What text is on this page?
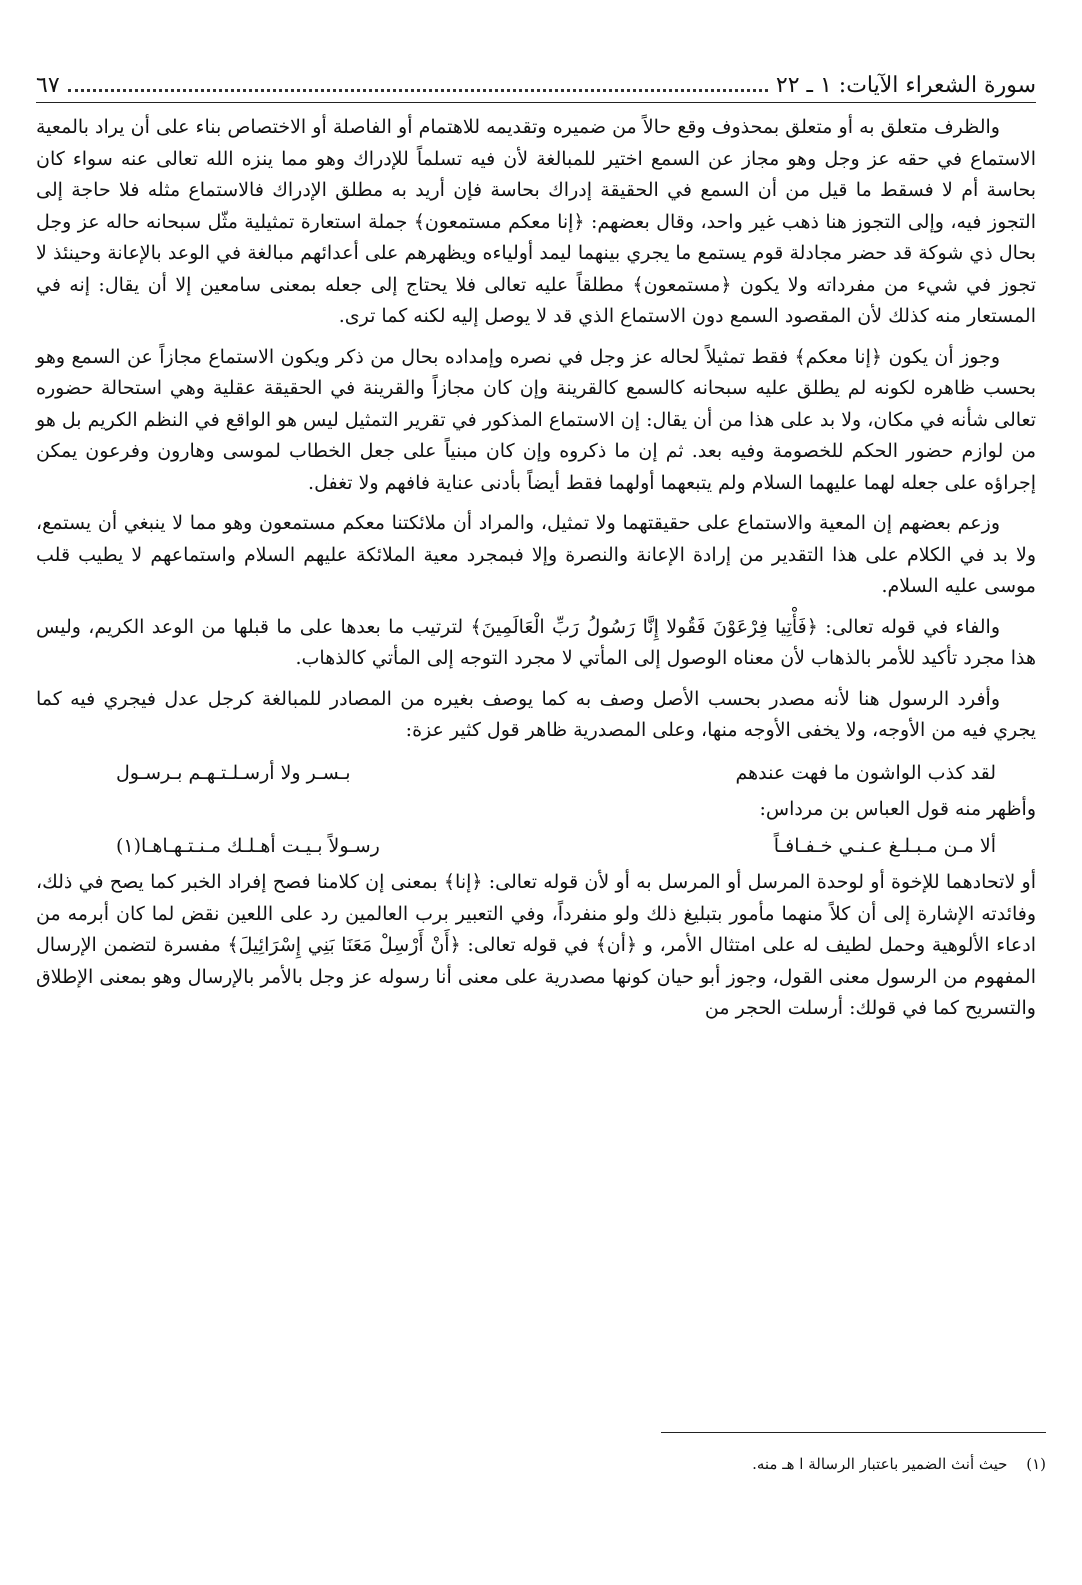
سورة الشعراء الآيات: ١ ـ ٢٢
٦٧

والظرف متعلق به أو متعلق بمحذوف وقع حالاً من ضميره وتقديمه للاهتمام أو الفاصلة أو الاختصاص بناء على أن يراد بالمعية الاستماع في حقه عز وجل وهو مجاز عن السمع اختير للمبالغة لأن فيه تسلماً للإدراك وهو مما ينزه الله تعالى عنه سواء كان بحاسة أم لا فسقط ما قيل من أن السمع في الحقيقة إدراك بحاسة فإن أريد به مطلق الإدراك فالاستماع مثله فلا حاجة إلى التجوز فيه، وإلى التجوز هنا ذهب غير واحد، وقال بعضهم: ﴿إنا معكم مستمعون﴾ جملة استعارة تمثيلية مثّل سبحانه حاله عز وجل بحال ذي شوكة قد حضر مجادلة قوم يستمع ما يجري بينهما ليمد أولياءه ويظهرهم على أعدائهم مبالغة في الوعد بالإعانة وحينئذ لا تجوز في شيء من مفرداته ولا يكون ﴿مستمعون﴾ مطلقاً عليه تعالى فلا يحتاج إلى جعله بمعنى سامعين إلا أن يقال: إنه في المستعار منه كذلك لأن المقصود السمع دون الاستماع الذي قد لا يوصل إليه لكنه كما ترى.

وجوز أن يكون ﴿إنا معكم﴾ فقط تمثيلاً لحاله عز وجل في نصره وإمداده بحال من ذكر ويكون الاستماع مجازاً عن السمع وهو بحسب ظاهره لكونه لم يطلق عليه سبحانه كالسمع كالقرينة وإن كان مجازاً والقرينة في الحقيقة عقلية وهي استحالة حضوره تعالى شأنه في مكان، ولا بد على هذا من أن يقال: إن الاستماع المذكور في تقرير التمثيل ليس هو الواقع في النظم الكريم بل هو من لوازم حضور الحكم للخصومة وفيه بعد. ثم إن ما ذكروه وإن كان مبنياً على جعل الخطاب لموسى وهارون وفرعون يمكن إجراؤه على جعله لهما عليهما السلام ولم يتبعهما أولهما فقط أيضاً بأدنى عناية فافهم ولا تغفل.

وزعم بعضهم إن المعية والاستماع على حقيقتهما ولا تمثيل، والمراد أن ملائكتنا معكم مستمعون وهو مما لا ينبغي أن يستمع، ولا بد في الكلام على هذا التقدير من إرادة الإعانة والنصرة وإلا فبمجرد معية الملائكة عليهم السلام واستماعهم لا يطيب قلب موسى عليه السلام.

والفاء في قوله تعالى: ﴿فَأْتِيا فِرْعَوْنَ فَقُولا إِنَّا رَسُولُ رَبِّ الْعَالَمِينَ﴾ لترتيب ما بعدها على ما قبلها من الوعد الكريم، وليس هذا مجرد تأكيد للأمر بالذهاب لأن معناه الوصول إلى المأتي لا مجرد التوجه إلى المأتي كالذهاب.

وأفرد الرسول هنا لأنه مصدر بحسب الأصل وصف به كما يوصف بغيره من المصادر للمبالغة كرجل عدل فيجري فيه كما يجري فيه من الأوجه، ولا يخفى الأوجه منها، وعلى المصدرية ظاهر قول كثير عزة:

لقد كذب الواشون ما فهت عندهم
بـسـر ولا أرسـلـتـهـم بـرسـول

وأظهر منه قول العباس بن مرداس:

ألا مـن مـبـلـغ عـنـي خـفـافـاً
رسـولاً بـيـت أهـلـك مـنـتـهـاهـا(١)

أو لاتحادهما للإخوة أو لوحدة المرسل أو المرسل به أو لأن قوله تعالى: ﴿إنا﴾ بمعنى إن كلامنا فصح إفراد الخبر كما يصح في ذلك، وفائدته الإشارة إلى أن كلاً منهما مأمور بتبليغ ذلك ولو منفرداً، وفي التعبير برب العالمين رد على اللعين نقض لما كان أبرمه من ادعاء الألوهية وحمل لطيف له على امتثال الأمر، و ﴿أن﴾ في قوله تعالى: ﴿أَنْ أَرْسِلْ مَعَنَا بَنِي إِسْرَائِيلَ﴾ مفسرة لتضمن الإرسال المفهوم من الرسول معنى القول، وجوز أبو حيان كونها مصدرية على معنى أنا رسوله عز وجل بالأمر بالإرسال وهو بمعنى الإطلاق والتسريح كما في قولك: أرسلت الحجر من

(١) حيث أنث الضمير باعتبار الرسالة ا هـ منه.
